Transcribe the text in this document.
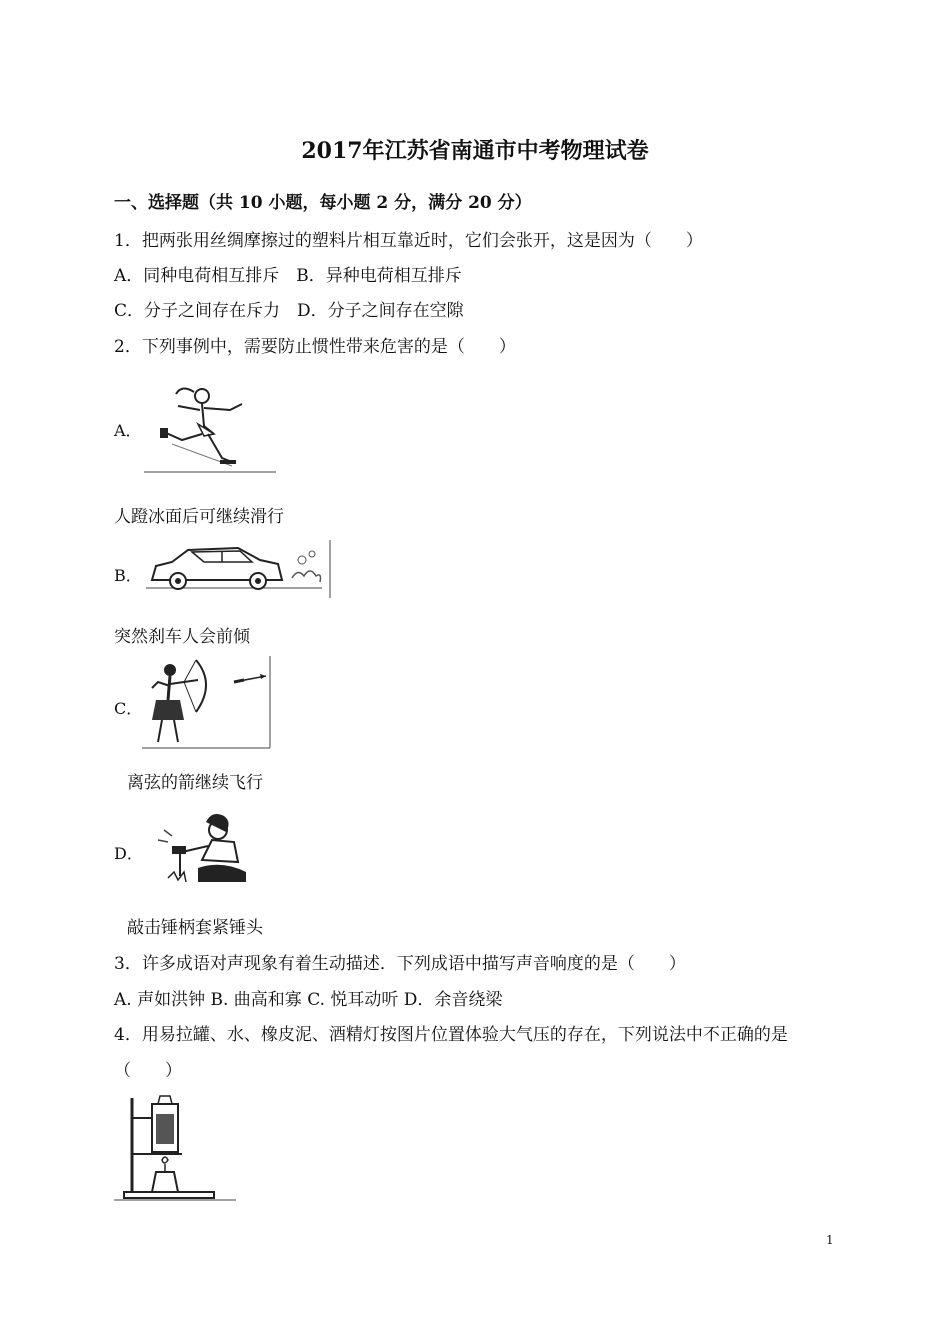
2017年江苏省南通市中考物理试卷
一、选择题（共 10 小题，每小题 2 分，满分 20 分）
1．把两张用丝绸摩擦过的塑料片相互靠近时，它们会张开，这是因为（　　）
A．同种电荷相互排斥　B．异种电荷相互排斥
C．分子之间存在斥力　D．分子之间存在空隙
2．下列事例中，需要防止惯性带来危害的是（　　）
A．
人蹬冰面后可继续滑行
B．
突然刹车人会前倾
C．
离弦的箭继续飞行
D．
敲击锤柄套紧锤头
3．许多成语对声现象有着生动描述．下列成语中描写声音响度的是（　　）
A. 声如洪钟 B. 曲高和寡 C. 悦耳动听 D．余音绕梁
4．用易拉罐、水、橡皮泥、酒精灯按图片位置体验大气压的存在，下列说法中不正确的是
（　　）
1
